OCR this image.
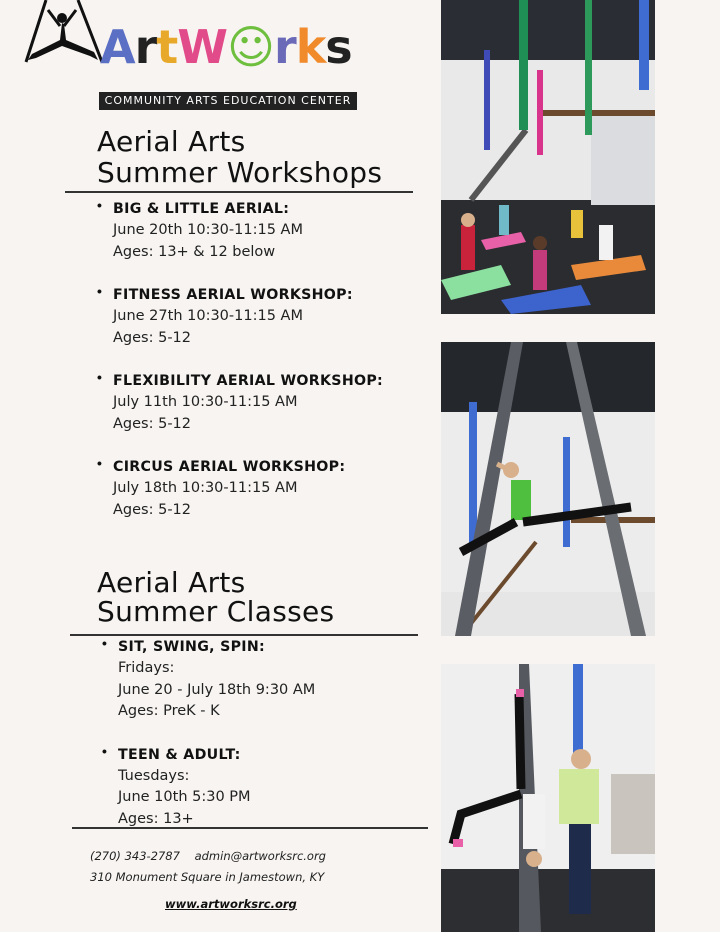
ArtW☺rks
COMMUNITY ARTS EDUCATION CENTER
Aerial Arts
Summer Workshops
• BIG & LITTLE AERIAL:
June 20th 10:30-11:15 AM
Ages: 13+ & 12 below
• FITNESS AERIAL WORKSHOP:
June 27th 10:30-11:15 AM
Ages: 5-12
• FLEXIBILITY AERIAL WORKSHOP:
July 11th 10:30-11:15 AM
Ages: 5-12
• CIRCUS AERIAL WORKSHOP:
July 18th 10:30-11:15 AM
Ages: 5-12
Aerial Arts
Summer Classes
• SIT, SWING, SPIN:
Fridays:
June 20 - July 18th 9:30 AM
Ages: PreK - K
• TEEN & ADULT:
Tuesdays:
June 10th 5:30 PM
Ages: 13+
(270) 343-2787 admin@artworksrc.org
310 Monument Square in Jamestown, KY
www.artworksrc.org
